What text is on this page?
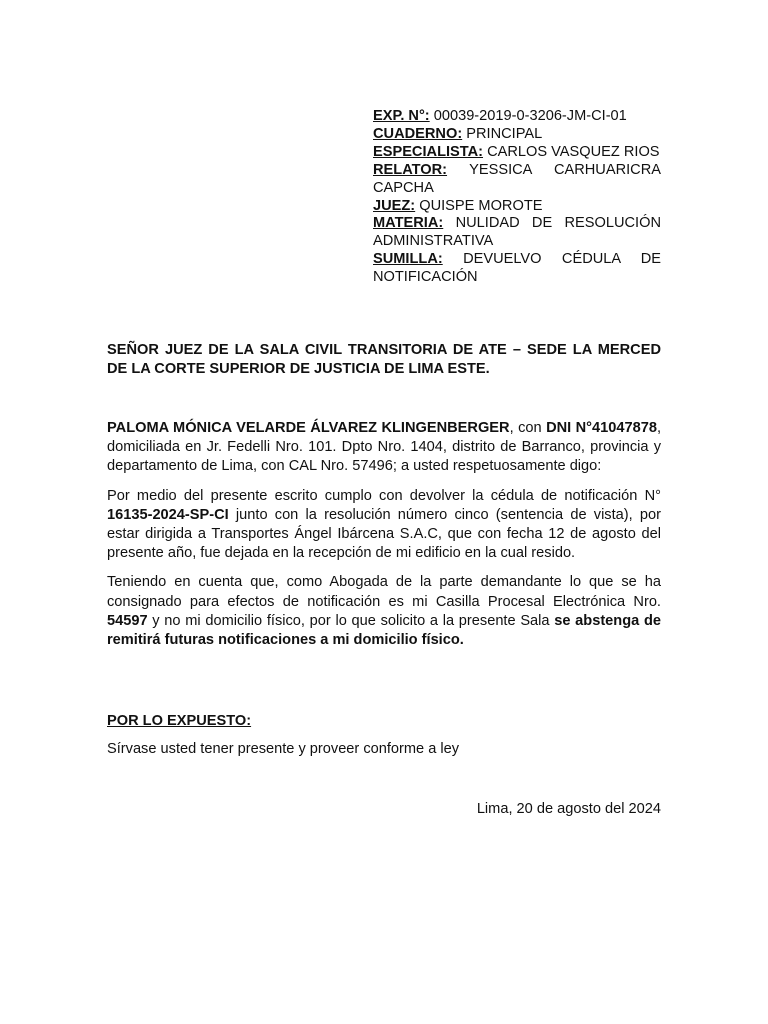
EXP. N°: 00039-2019-0-3206-JM-CI-01
CUADERNO: PRINCIPAL
ESPECIALISTA: CARLOS VASQUEZ RIOS
RELATOR: YESSICA CARHUARICRA CAPCHA
JUEZ: QUISPE MOROTE
MATERIA: NULIDAD DE RESOLUCIÓN ADMINISTRATIVA
SUMILLA: DEVUELVO CÉDULA DE NOTIFICACIÓN
SEÑOR JUEZ DE LA SALA CIVIL TRANSITORIA DE ATE – SEDE LA MERCED DE LA CORTE SUPERIOR DE JUSTICIA DE LIMA ESTE.

PALOMA MÓNICA VELARDE ÁLVAREZ KLINGENBERGER, con DNI N°41047878, domiciliada en Jr. Fedelli Nro. 101. Dpto Nro. 1404, distrito de Barranco, provincia y departamento de Lima, con CAL Nro. 57496; a usted respetuosamente digo:

Por medio del presente escrito cumplo con devolver la cédula de notificación N° 16135-2024-SP-CI junto con la resolución número cinco (sentencia de vista), por estar dirigida a Transportes Ángel Ibárcena S.A.C, que con fecha 12 de agosto del presente año, fue dejada en la recepción de mi edificio en la cual resido.

Teniendo en cuenta que, como Abogada de la parte demandante lo que se ha consignado para efectos de notificación es mi Casilla Procesal Electrónica Nro. 54597 y no mi domicilio físico, por lo que solicito a la presente Sala se abstenga de remitirá futuras notificaciones a mi domicilio físico.

POR LO EXPUESTO:
Sírvase usted tener presente y proveer conforme a ley
Lima, 20 de agosto del 2024
